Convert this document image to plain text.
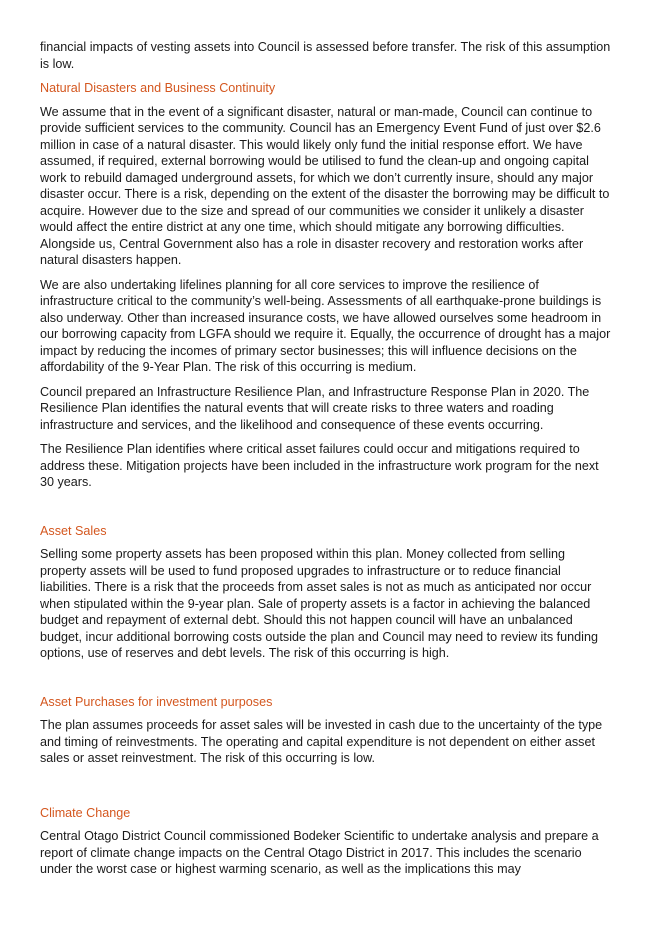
financial impacts of vesting assets into Council is assessed before transfer. The risk of this assumption is low.

Natural Disasters and Business Continuity

We assume that in the event of a significant disaster, natural or man-made, Council can continue to provide sufficient services to the community. Council has an Emergency Event Fund of just over $2.6 million in case of a natural disaster. This would likely only fund the initial response effort. We have assumed, if required, external borrowing would be utilised to fund the clean-up and ongoing capital work to rebuild damaged underground assets, for which we don’t currently insure, should any major disaster occur. There is a risk, depending on the extent of the disaster the borrowing may be difficult to acquire. However due to the size and spread of our communities we consider it unlikely a disaster would affect the entire district at any one time, which should mitigate any borrowing difficulties. Alongside us, Central Government also has a role in disaster recovery and restoration works after natural disasters happen.

We are also undertaking lifelines planning for all core services to improve the resilience of infrastructure critical to the community’s well-being. Assessments of all earthquake-prone buildings is also underway. Other than increased insurance costs, we have allowed ourselves some headroom in our borrowing capacity from LGFA should we require it. Equally, the occurrence of drought has a major impact by reducing the incomes of primary sector businesses; this will influence decisions on the affordability of the 9-Year Plan. The risk of this occurring is medium.

Council prepared an Infrastructure Resilience Plan, and Infrastructure Response Plan in 2020. The Resilience Plan identifies the natural events that will create risks to three waters and roading infrastructure and services, and the likelihood and consequence of these events occurring.

The Resilience Plan identifies where critical asset failures could occur and mitigations required to address these. Mitigation projects have been included in the infrastructure work program for the next 30 years.

Asset Sales

Selling some property assets has been proposed within this plan. Money collected from selling property assets will be used to fund proposed upgrades to infrastructure or to reduce financial liabilities. There is a risk that the proceeds from asset sales is not as much as anticipated nor occur when stipulated within the 9-year plan. Sale of property assets is a factor in achieving the balanced budget and repayment of external debt. Should this not happen council will have an unbalanced budget, incur additional borrowing costs outside the plan and Council may need to review its funding options, use of reserves and debt levels. The risk of this occurring is high.

Asset Purchases for investment purposes

The plan assumes proceeds for asset sales will be invested in cash due to the uncertainty of the type and timing of reinvestments. The operating and capital expenditure is not dependent on either asset sales or asset reinvestment. The risk of this occurring is low.

Climate Change

Central Otago District Council commissioned Bodeker Scientific to undertake analysis and prepare a report of climate change impacts on the Central Otago District in 2017. This includes the scenario under the worst case or highest warming scenario, as well as the implications this may
